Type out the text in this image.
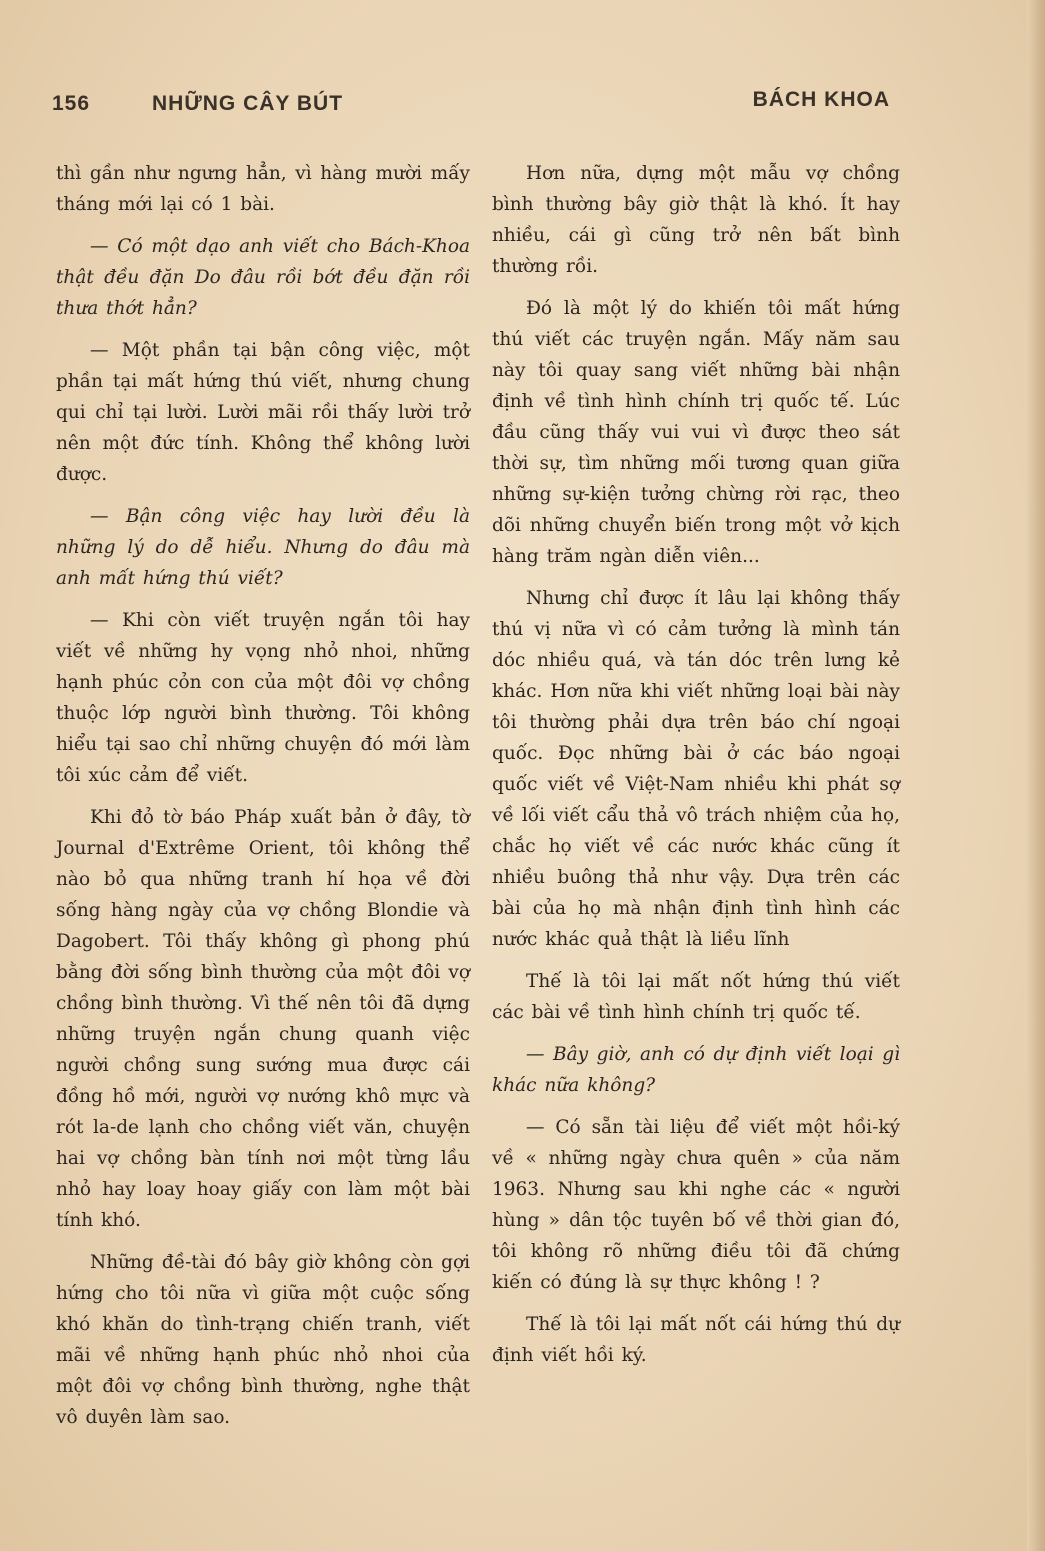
156	NHỮNG CÂY BÚT	BÁCH KHOA

thì gần như ngưng hẳn, vì hàng mười mấy tháng mới lại có 1 bài.

— Có một dạo anh viết cho Bách-Khoa thật đều đặn Do đâu rồi bớt đều đặn rồi thưa thớt hẳn?

— Một phần tại bận công việc, một phần tại mất hứng thú viết, nhưng chung qui chỉ tại lười. Lười mãi rồi thấy lười trở nên một đức tính. Không thể không lười được.

— Bận công việc hay lười đều là những lý do dễ hiểu. Nhưng do đâu mà anh mất hứng thú viết?

— Khi còn viết truyện ngắn tôi hay viết về những hy vọng nhỏ nhoi, những hạnh phúc cỏn con của một đôi vợ chồng thuộc lớp người bình thường. Tôi không hiểu tại sao chỉ những chuyện đó mới làm tôi xúc cảm để viết.

Khi đỏ tờ báo Pháp xuất bản ở đây, tờ Journal d'Extrême Orient, tôi không thể nào bỏ qua những tranh hí họa về đời sống hàng ngày của vợ chồng Blondie và Dagobert. Tôi thấy không gì phong phú bằng đời sống bình thường của một đôi vợ chồng bình thường. Vì thế nên tôi đã dựng những truyện ngắn chung quanh việc người chồng sung sướng mua được cái đồng hồ mới, người vợ nướng khô mực và rót la-de lạnh cho chồng viết văn, chuyện hai vợ chồng bàn tính nơi một từng lầu nhỏ hay loay hoay giấy con làm một bài tính khó.

Những đề-tài đó bây giờ không còn gợi hứng cho tôi nữa vì giữa một cuộc sống khó khăn do tình-trạng chiến tranh, viết mãi về những hạnh phúc nhỏ nhoi của một đôi vợ chồng bình thường, nghe thật vô duyên làm sao.

Hơn nữa, dựng một mẫu vợ chồng bình thường bây giờ thật là khó. Ít hay nhiều, cái gì cũng trở nên bất bình thường rồi.

Đó là một lý do khiến tôi mất hứng thú viết các truyện ngắn. Mấy năm sau này tôi quay sang viết những bài nhận định về tình hình chính trị quốc tế. Lúc đầu cũng thấy vui vui vì được theo sát thời sự, tìm những mối tương quan giữa những sự-kiện tưởng chừng rời rạc, theo dõi những chuyển biến trong một vở kịch hàng trăm ngàn diễn viên...

Nhưng chỉ được ít lâu lại không thấy thú vị nữa vì có cảm tưởng là mình tán dóc nhiều quá, và tán dóc trên lưng kẻ khác. Hơn nữa khi viết những loại bài này tôi thường phải dựa trên báo chí ngoại quốc. Đọc những bài ở các báo ngoại quốc viết về Việt-Nam nhiều khi phát sợ về lối viết cẩu thả vô trách nhiệm của họ, chắc họ viết về các nước khác cũng ít nhiều buông thả như vậy. Dựa trên các bài của họ mà nhận định tình hình các nước khác quả thật là liều lĩnh

Thế là tôi lại mất nốt hứng thú viết các bài về tình hình chính trị quốc tế.

— Bây giờ, anh có dự định viết loại gì khác nữa không?

— Có sẵn tài liệu để viết một hồi-ký về « những ngày chưa quên » của năm 1963. Nhưng sau khi nghe các « người hùng » dân tộc tuyên bố về thời gian đó, tôi không rõ những điều tôi đã chứng kiến có đúng là sự thực không ! ?

Thế là tôi lại mất nốt cái hứng thú dự định viết hồi ký.
